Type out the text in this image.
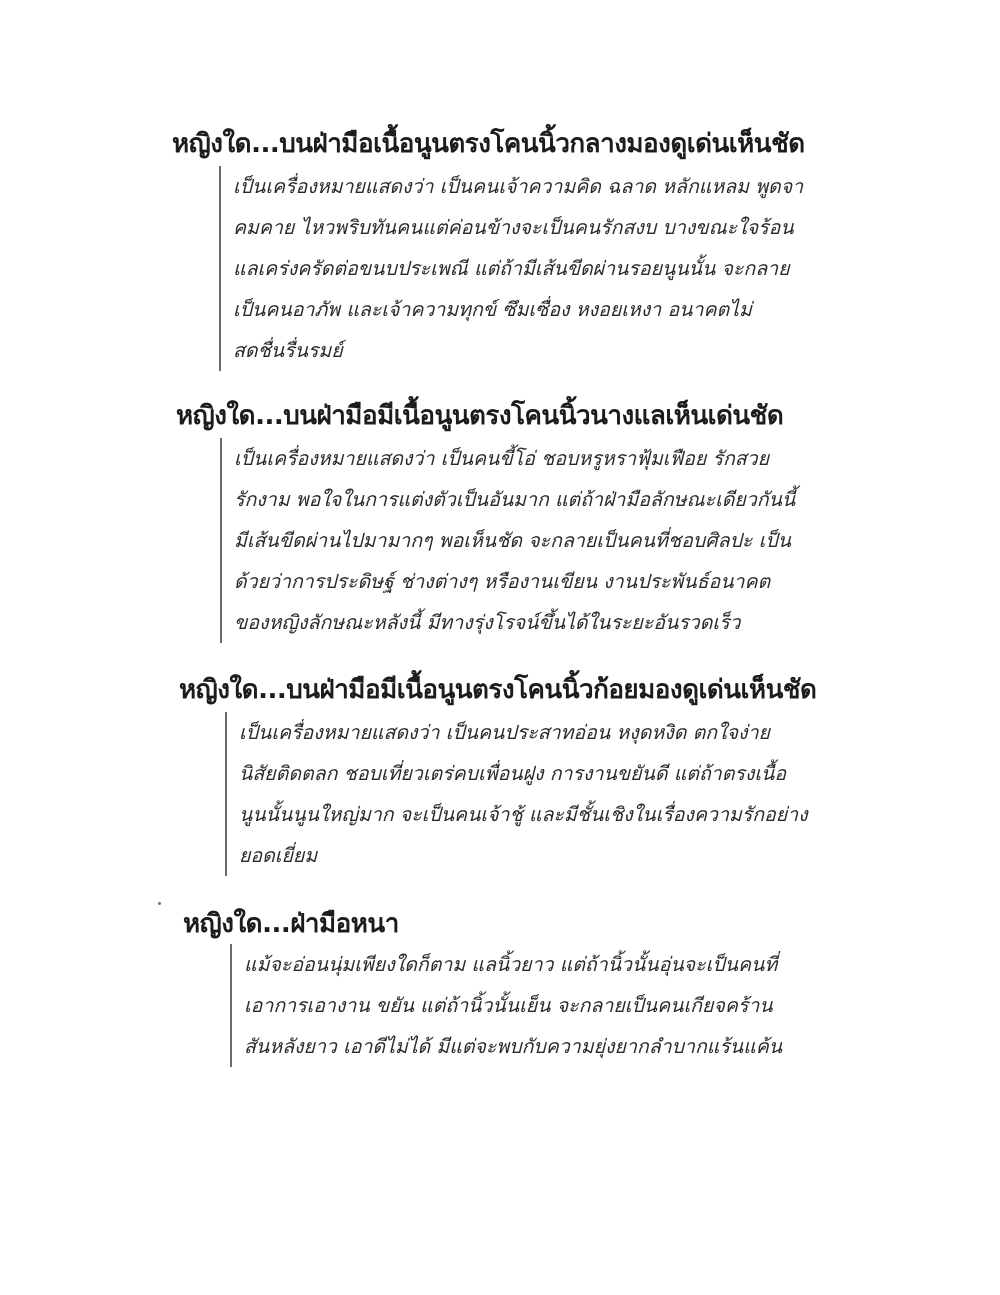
หญิงใด...บนฝ่ามือเนื้อนูนตรงโคนนิ้วกลางมองดูเด่นเห็นชัด
เป็นเครื่องหมายแสดงว่า เป็นคนเจ้าความคิด ฉลาด หลักแหลม พูดจา
คมคาย ไหวพริบทันคนแต่ค่อนข้างจะเป็นคนรักสงบ บางขณะใจร้อน
แลเคร่งครัดต่อขนบประเพณี แต่ถ้ามีเส้นขีดผ่านรอยนูนนั้น จะกลาย
เป็นคนอาภัพ และเจ้าความทุกข์ ซึมเซื่อง หงอยเหงา อนาคตไม่
สดชื่นรื่นรมย์
หญิงใด...บนฝ่ามือมีเนื้อนูนตรงโคนนิ้วนางแลเห็นเด่นชัด
เป็นเครื่องหมายแสดงว่า เป็นคนขี้โอ่ ชอบหรูหราฟุ้มเฟือย รักสวย
รักงาม พอใจในการแต่งตัวเป็นอันมาก แต่ถ้าฝ่ามือลักษณะเดียวกันนี้
มีเส้นขีดผ่านไปมามากๆ พอเห็นชัด จะกลายเป็นคนที่ชอบศิลปะ เป็น
ด้วยว่าการประดิษฐ์ ช่างต่างๆ หรืองานเขียน งานประพันธ์อนาคต
ของหญิงลักษณะหลังนี้ มีทางรุ่งโรจน์ขึ้นได้ในระยะอันรวดเร็ว
หญิงใด...บนฝ่ามือมีเนื้อนูนตรงโคนนิ้วก้อยมองดูเด่นเห็นชัด
เป็นเครื่องหมายแสดงว่า เป็นคนประสาทอ่อน หงุดหงิด ตกใจง่าย
นิสัยติดตลก ชอบเที่ยวเตร่คบเพื่อนฝูง การงานขยันดี แต่ถ้าตรงเนื้อ
นูนนั้นนูนใหญ่มาก จะเป็นคนเจ้าชู้ และมีชั้นเชิงในเรื่องความรักอย่าง
ยอดเยี่ยม
หญิงใด...ฝ่ามือหนา
แม้จะอ่อนนุ่มเพียงใดก็ตาม แลนิ้วยาว แต่ถ้านิ้วนั้นอุ่นจะเป็นคนที่
เอาการเอางาน ขยัน แต่ถ้านิ้วนั้นเย็น จะกลายเป็นคนเกียจคร้าน
สันหลังยาว เอาดีไม่ได้ มีแต่จะพบกับความยุ่งยากลำบากแร้นแค้น
